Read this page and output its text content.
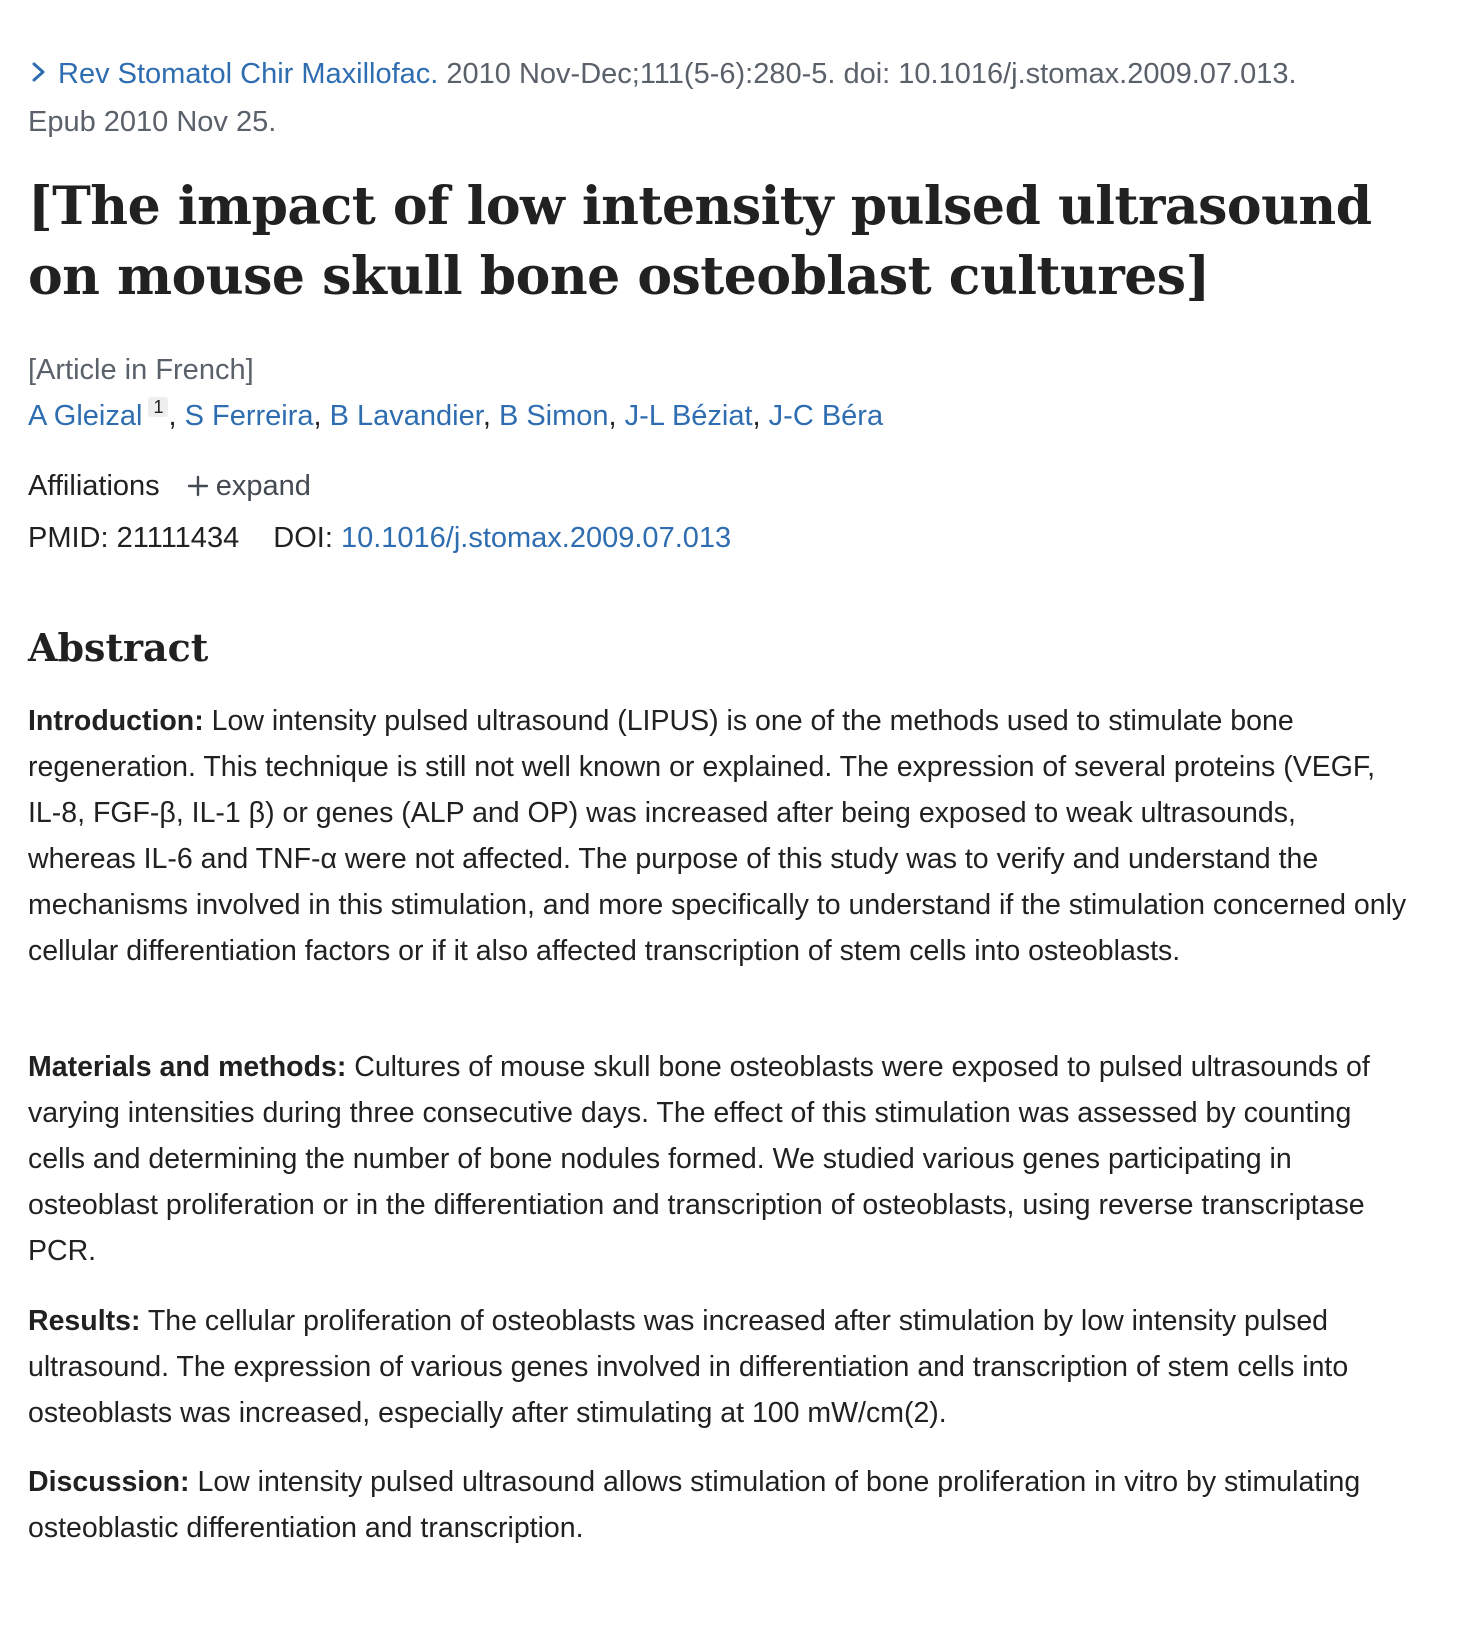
Rev Stomatol Chir Maxillofac. 2010 Nov-Dec;111(5-6):280-5. doi: 10.1016/j.stomax.2009.07.013.
Epub 2010 Nov 25.
[The impact of low intensity pulsed ultrasound on mouse skull bone osteoblast cultures]
[Article in French]
A Gleizal $^1$ , S Ferreira, B Lavandier, B Simon, J-L Béziat, J-C Béra
Affiliations expand
PMID: 21111434 DOI: 10.1016/j.stomax.2009.07.013
Abstract

Introduction: Low intensity pulsed ultrasound (LIPUS) is one of the methods used to stimulate bone regeneration. This technique is still not well known or explained. The expression of several proteins (VEGF, IL-8, FGF-β, IL-1 β) or genes (ALP and OP) was increased after being exposed to weak ultrasounds, whereas IL-6 and TNF-α were not affected. The purpose of this study was to verify and understand the mechanisms involved in this stimulation, and more specifically to understand if the stimulation concerned only cellular differentiation factors or if it also affected transcription of stem cells into osteoblasts.

Materials and methods: Cultures of mouse skull bone osteoblasts were exposed to pulsed ultrasounds of varying intensities during three consecutive days. The effect of this stimulation was assessed by counting cells and determining the number of bone nodules formed. We studied various genes participating in osteoblast proliferation or in the differentiation and transcription of osteoblasts, using reverse transcriptase PCR.

Results: The cellular proliferation of osteoblasts was increased after stimulation by low intensity pulsed ultrasound. The expression of various genes involved in differentiation and transcription of stem cells into osteoblasts was increased, especially after stimulating at 100 mW/cm(2).

Discussion: Low intensity pulsed ultrasound allows stimulation of bone proliferation in vitro by stimulating osteoblastic differentiation and transcription.
